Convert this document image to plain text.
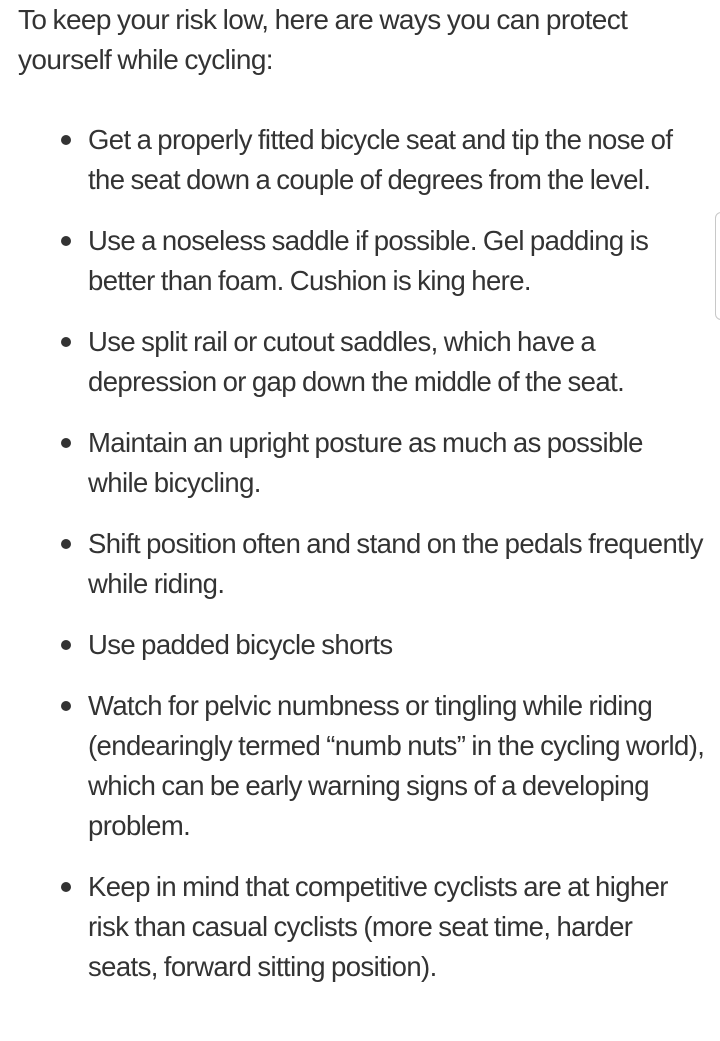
To keep your risk low, here are ways you can protect yourself while cycling:

Get a properly fitted bicycle seat and tip the nose of the seat down a couple of degrees from the level.
Use a noseless saddle if possible. Gel padding is better than foam. Cushion is king here.
Use split rail or cutout saddles, which have a depression or gap down the middle of the seat.
Maintain an upright posture as much as possible while bicycling.
Shift position often and stand on the pedals frequently while riding.
Use padded bicycle shorts
Watch for pelvic numbness or tingling while riding (endearingly termed “numb nuts” in the cycling world), which can be early warning signs of a developing problem.
Keep in mind that competitive cyclists are at higher risk than casual cyclists (more seat time, harder seats, forward sitting position).
